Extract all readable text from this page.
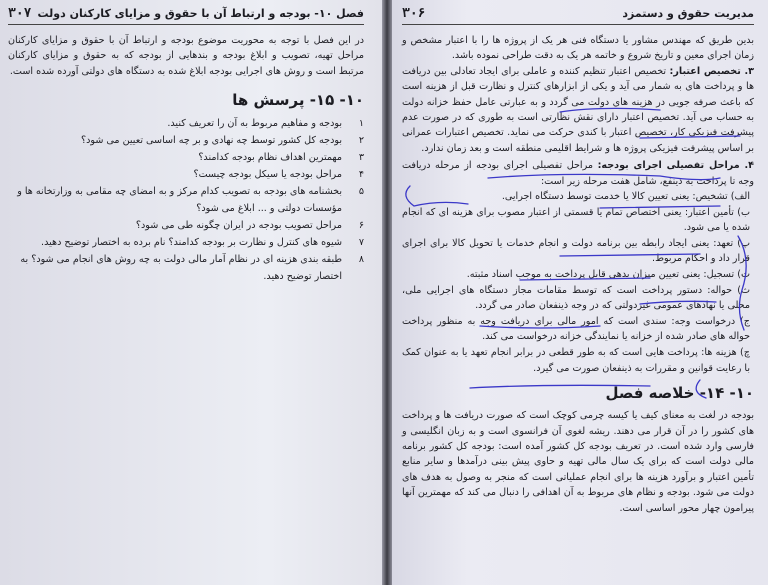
فصل ۱۰- بودجه و ارتباط آن با حقوق و مزایای کارکنان دولت
۳۰۷

در این فصل با توجه به محوریت موضوع بودجه و ارتباط آن با حقوق و مزایای کارکنان مراحل تهیه، تصویب و ابلاغ بودجه و بندهایی از بودجه که به حقوق و مزایای کارکنان مرتبط است و روش های اجرایی بودجه ابلاغ شده به دستگاه های دولتی آورده شده است.

۱۰- ۱۵- پرسش ها
۱
بودجه و مفاهیم مربوط به آن را تعریف کنید.
۲
بودجه کل کشور توسط چه نهادی و بر چه اساسی تعیین می شود؟
۳
مهمترین اهداف نظام بودجه کدامند؟
۴
مراحل بودجه یا سیکل بودجه چیست؟
۵
بخشنامه های بودجه به تصویب کدام مرکز و به امضای چه مقامی به وزارتخانه ها و مؤسسات دولتی و ... ابلاغ می شود؟
۶
مراحل تصویب بودجه در ایران چگونه طی می شود؟
۷
شیوه های کنترل و نظارت بر بودجه کدامند؟ نام برده به اختصار توضیح دهید.
۸
طبقه بندی هزینه ای در نظام آمار مالی دولت به چه روش های انجام می شود؟ به اختصار توضیح دهید.
مدیریت حقوق و دستمزد
۳۰۶

بدین طریق که مهندس مشاور یا دستگاه فنی هر یک از پروژه ها را با اعتبار مشخص و زمان اجرای معین و تاریخ شروع و خاتمه هر یک به دقت طراحی نموده باشد.

۳. تخصیص اعتبار: تخصیص اعتبار تنظیم کننده و عاملی برای ایجاد تعادلی بین دریافت ها و پرداخت های به شمار می آید و یکی از ابزارهای کنترل و نظارت قبل از هزینه است که باعث صرفه جویی در هزینه های دولت می گردد و به عبارتی عامل حفظ خزانه دولت به حساب می آید. تخصیص اعتبار دارای نقش نظارتی است به طوری که در صورت عدم پیشرفت فیزیکی کار، تخصیص اعتبار با کندی حرکت می نماید. تخصیص اعتبارات عمرانی بر اساس پیشرفت فیزیکی پروژه ها و شرایط اقلیمی منطقه است و بعد زمان ندارد.

۴. مراحل تفصیلی اجرای بودجه: مراحل تفصیلی اجرای بودجه از مرحله دریافت وجه تا پرداخت به ذینفع، شامل هفت مرحله زیر است:

الف) تشخیص: یعنی تعیین کالا یا خدمت توسط دستگاه اجرایی.

ب) تأمین اعتبار: یعنی اختصاص تمام یا قسمتی از اعتبار مصوب برای هزینه ای که انجام شده یا می شود.

پ) تعهد: یعنی ایجاد رابطه بین برنامه دولت و انجام خدمات یا تحویل کالا برای اجرای قرار داد و احکام مربوط.

ت) تسجیل: یعنی تعیین میزان بدهی قابل پرداخت به موجب اسناد مثبته.

ث) حواله: دستور پرداخت است که توسط مقامات مجاز دستگاه های اجرایی ملی، محلی یا نهادهای عمومی غیردولتی که در وجه ذینفعان صادر می گردد.

ج) درخواست وجه: سندی است که امور مالی برای دریافت وجه به منظور پرداخت حواله های صادر شده از خزانه یا نمایندگی خزانه درخواست می کند.

چ) هزینه ها: پرداخت هایی است که به طور قطعی در برابر انجام تعهد یا به عنوان کمک با رعایت قوانین و مقررات به ذینفعان صورت می گیرد.

۱۰- ۱۴- خلاصه فصل

بودجه در لغت به معنای کیف یا کیسه چرمی کوچک است که صورت دریافت ها و پرداخت های کشور را در آن قرار می دهند. ریشه لغوی آن فرانسوی است و به زبان انگلیسی و فارسی وارد شده است. در تعریف بودجه کل کشور آمده است: بودجه کل کشور برنامه مالی دولت است که برای یک سال مالی تهیه و حاوی پیش بینی درآمدها و سایر منابع تأمین اعتبار و برآورد هزینه ها برای انجام عملیاتی است که منجر به وصول به هدف های دولت می شود. بودجه و نظام های مربوط به آن اهدافی را دنبال می کند که مهمترین آنها پیرامون چهار محور اساسی است.
